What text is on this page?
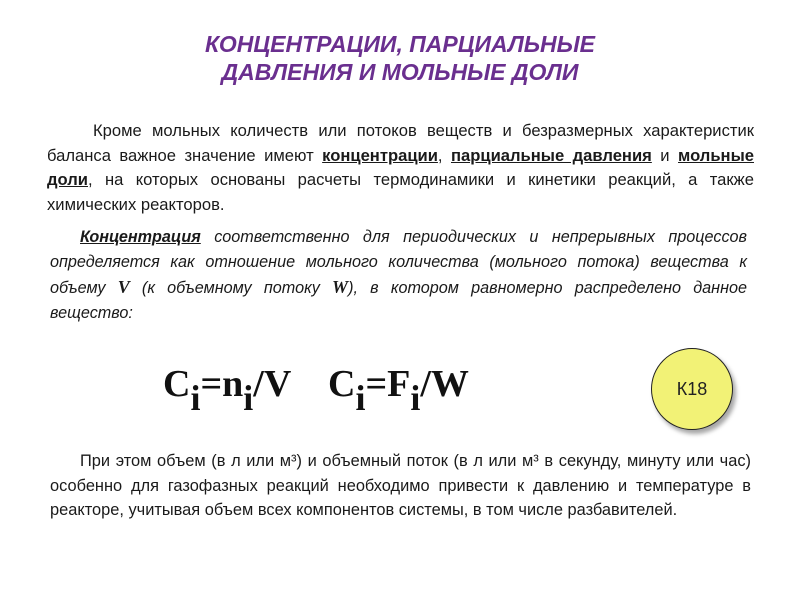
КОНЦЕНТРАЦИИ, ПАРЦИАЛЬНЫЕ
ДАВЛЕНИЯ И МОЛЬНЫЕ ДОЛИ
Кроме мольных количеств или потоков веществ и безразмерных характеристик баланса важное значение имеют концентрации, парциальные давления и мольные доли, на которых основаны расчеты термодинамики и кинетики реакций, а также химических реакторов.
Концентрация соответственно для периодических и непрерывных процессов определяется как отношение мольного количества (мольного потока) вещества к объему V (к объемному потоку W), в котором равномерно распределено данное вещество:
$C_i=n_i/V$ $C_i=F_i/W$	К18
При этом объем (в л или м³) и объемный поток (в л или м³ в секунду, минуту или час) особенно для газофазных реакций необходимо привести к давлению и температуре в реакторе, учитывая объем всех компонентов системы, в том числе разбавителей.
